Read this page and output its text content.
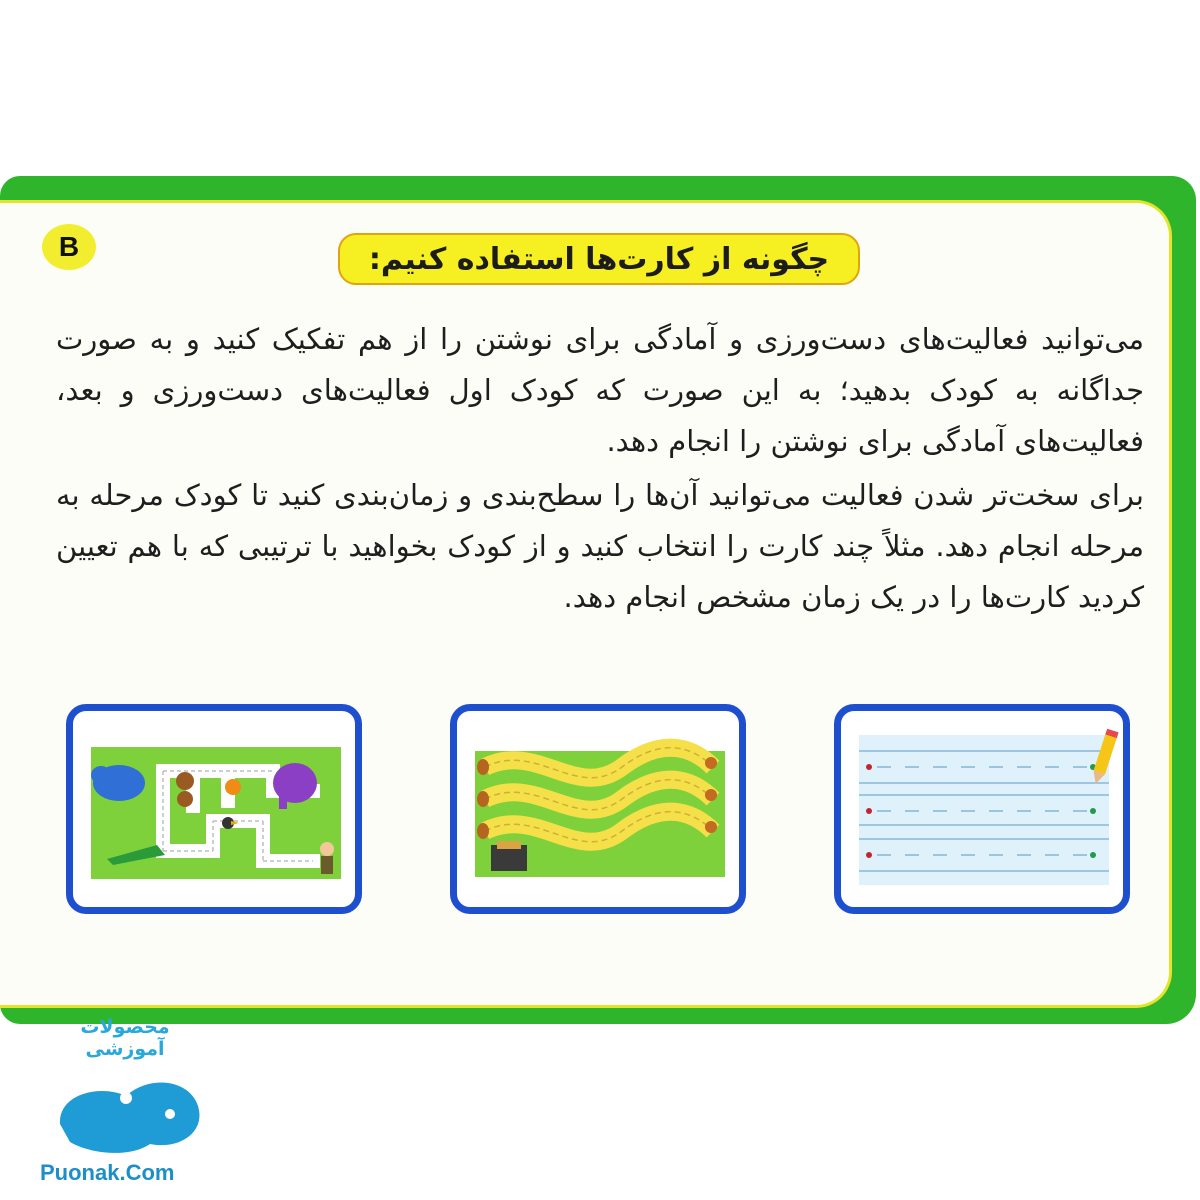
B	چگونه از کارت‌ها استفاده کنیم:

می‌توانید فعالیت‌های دست‌ورزی و آمادگی برای نوشتن را از هم تفکیک کنید و به صورت جداگانه به کودک بدهید؛ به این صورت که کودک اول فعالیت‌های دست‌ورزی و بعد، فعالیت‌های آمادگی برای نوشتن را انجام دهد.

برای سخت‌تر شدن فعالیت می‌توانید آن‌ها را سطح‌بندی و زمان‌بندی کنید تا کودک مرحله به مرحله انجام دهد. مثلاً چند کارت را انتخاب کنید و از کودک بخواهید با ترتیبی که با هم تعیین کردید کارت‌ها را در یک زمان مشخص انجام دهد.

محصولات آموزشی
Puonak.Com
